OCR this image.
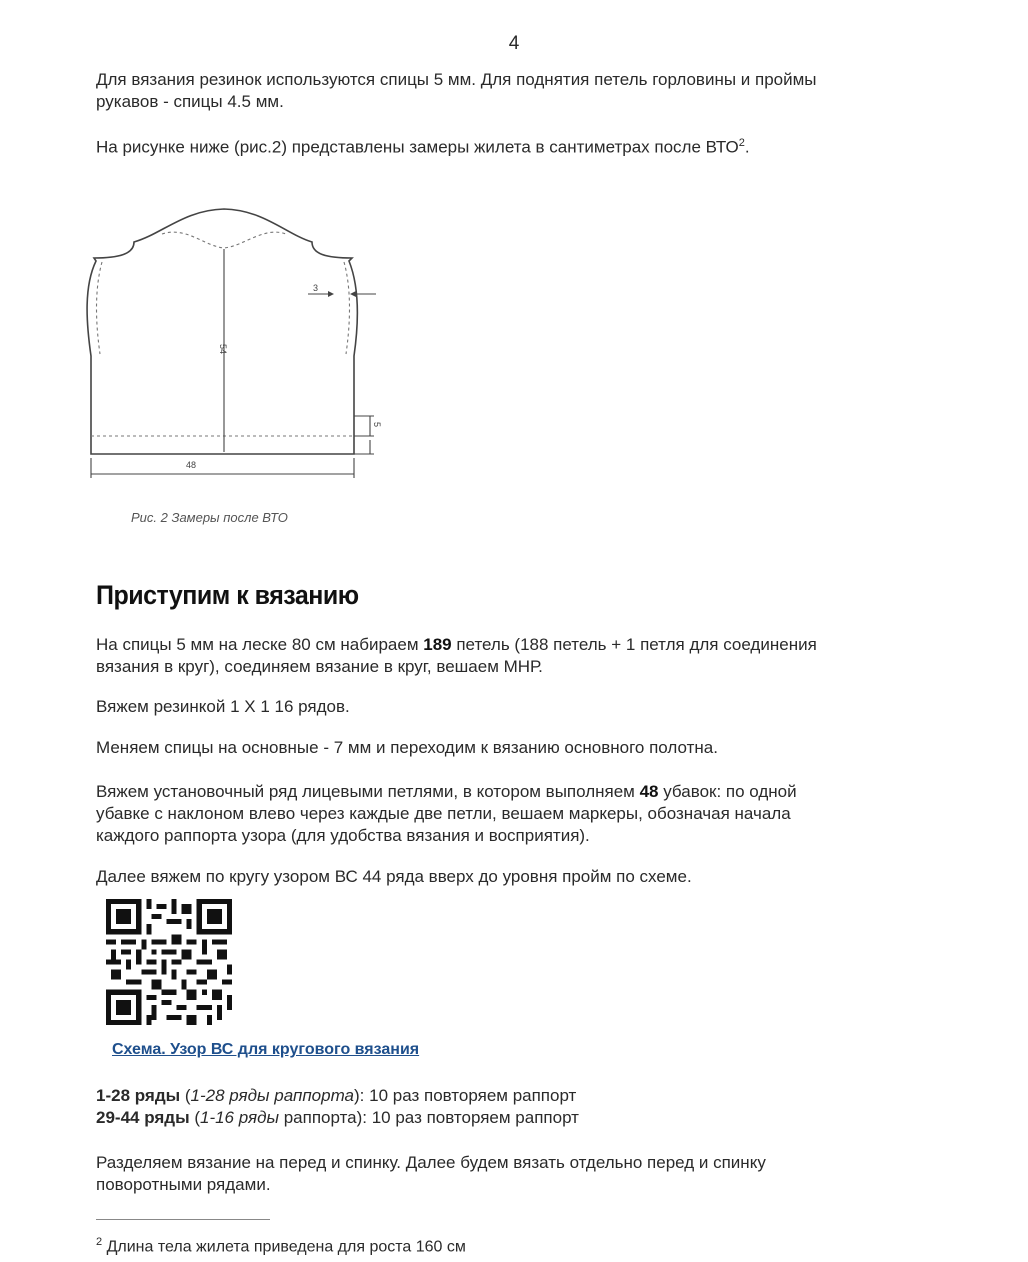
4
Для вязания резинок используются спицы 5 мм. Для поднятия петель горловины и проймы
рукавов - спицы 4.5 мм.
На рисунке ниже (рис.2) представлены замеры жилета в сантиметрах после ВТО$^2$.
54
3
5
48
Рис. 2 Замеры после ВТО
Приступим к вязанию
На спицы 5 мм на леске 80 см набираем 189 петель (188 петель + 1 петля для соединения
вязания в круг), соединяем вязание в круг, вешаем МНР.
Вяжем резинкой 1 Х 1 16 рядов.
Меняем спицы на основные - 7 мм и переходим к вязанию основного полотна.
Вяжем установочный ряд лицевыми петлями, в котором выполняем 48 убавок: по одной
убавке с наклоном влево через каждые две петли, вешаем маркеры, обозначая начала
каждого раппорта узора (для удобства вязания и восприятия).
Далее вяжем по кругу узором ВС 44 ряда вверх до уровня пройм по схеме.
Схема. Узор ВС для кругового вязания
1-28 ряды (1-28 ряды раппорта): 10 раз повторяем раппорт
29-44 ряды (1-16 ряды раппорта): 10 раз повторяем раппорт
Разделяем вязание на перед и спинку. Далее будем вязать отдельно перед и спинку
поворотными рядами.
$^2$ Длина тела жилета приведена для роста 160 см
